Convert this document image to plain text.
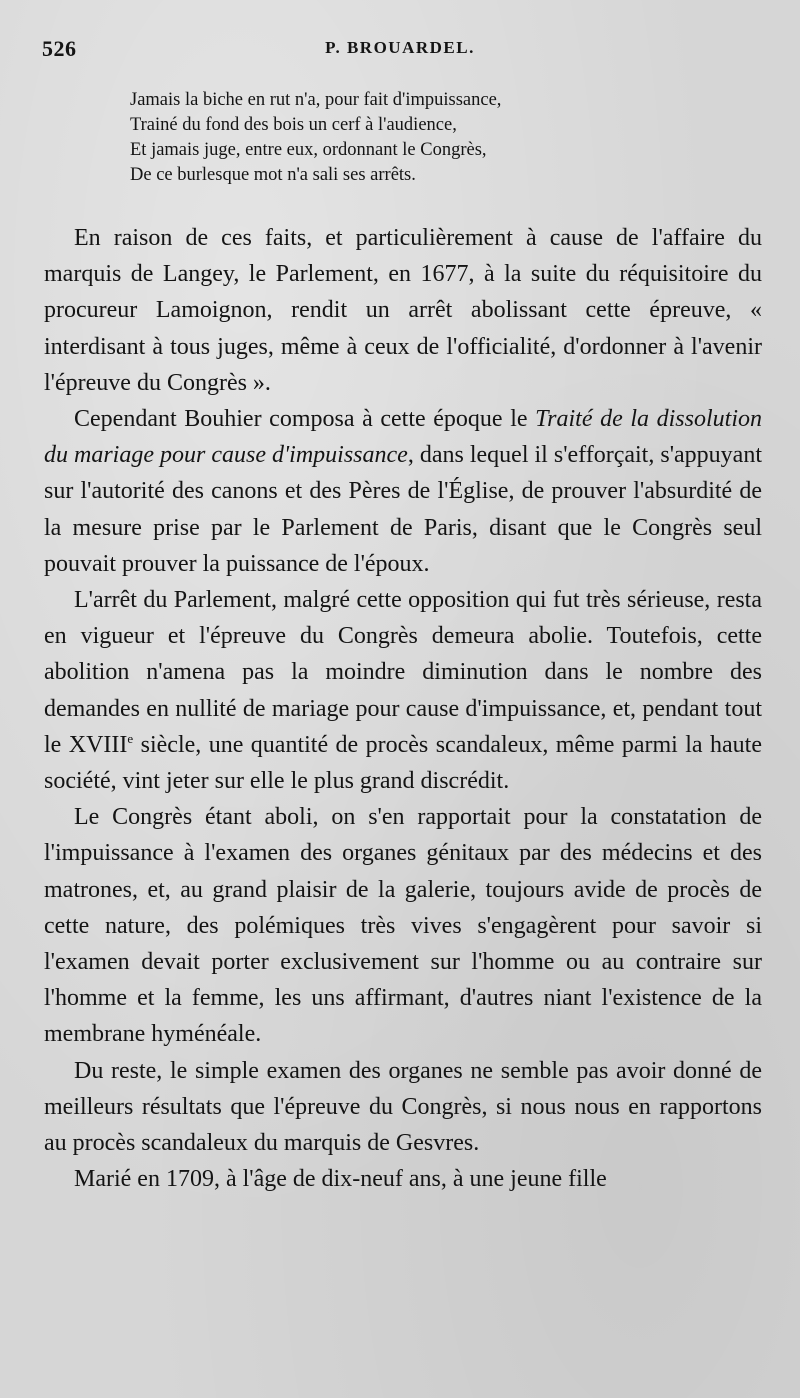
526	P. BROUARDEL.
Jamais la biche en rut n'a, pour fait d'impuissance,
Trainé du fond des bois un cerf à l'audience,
Et jamais juge, entre eux, ordonnant le Congrès,
De ce burlesque mot n'a sali ses arrêts.

En raison de ces faits, et particulièrement à cause de l'affaire du marquis de Langey, le Parlement, en 1677, à la suite du réquisitoire du procureur Lamoignon, rendit un arrêt abolissant cette épreuve, « interdisant à tous juges, même à ceux de l'officialité, d'ordonner à l'avenir l'épreuve du Congrès ».

Cependant Bouhier composa à cette époque le Traité de la dissolution du mariage pour cause d'impuissance, dans lequel il s'efforçait, s'appuyant sur l'autorité des canons et des Pères de l'Église, de prouver l'absurdité de la mesure prise par le Parlement de Paris, disant que le Congrès seul pouvait prouver la puissance de l'époux.

L'arrêt du Parlement, malgré cette opposition qui fut très sérieuse, resta en vigueur et l'épreuve du Congrès demeura abolie. Toutefois, cette abolition n'amena pas la moindre diminution dans le nombre des demandes en nullité de mariage pour cause d'impuissance, et, pendant tout le XVIIIe siècle, une quantité de procès scandaleux, même parmi la haute société, vint jeter sur elle le plus grand discrédit.

Le Congrès étant aboli, on s'en rapportait pour la constatation de l'impuissance à l'examen des organes génitaux par des médecins et des matrones, et, au grand plaisir de la galerie, toujours avide de procès de cette nature, des polémiques très vives s'engagèrent pour savoir si l'examen devait porter exclusivement sur l'homme ou au contraire sur l'homme et la femme, les uns affirmant, d'autres niant l'existence de la membrane hyménéale.

Du reste, le simple examen des organes ne semble pas avoir donné de meilleurs résultats que l'épreuve du Congrès, si nous nous en rapportons au procès scandaleux du marquis de Gesvres.

Marié en 1709, à l'âge de dix-neuf ans, à une jeune fille
